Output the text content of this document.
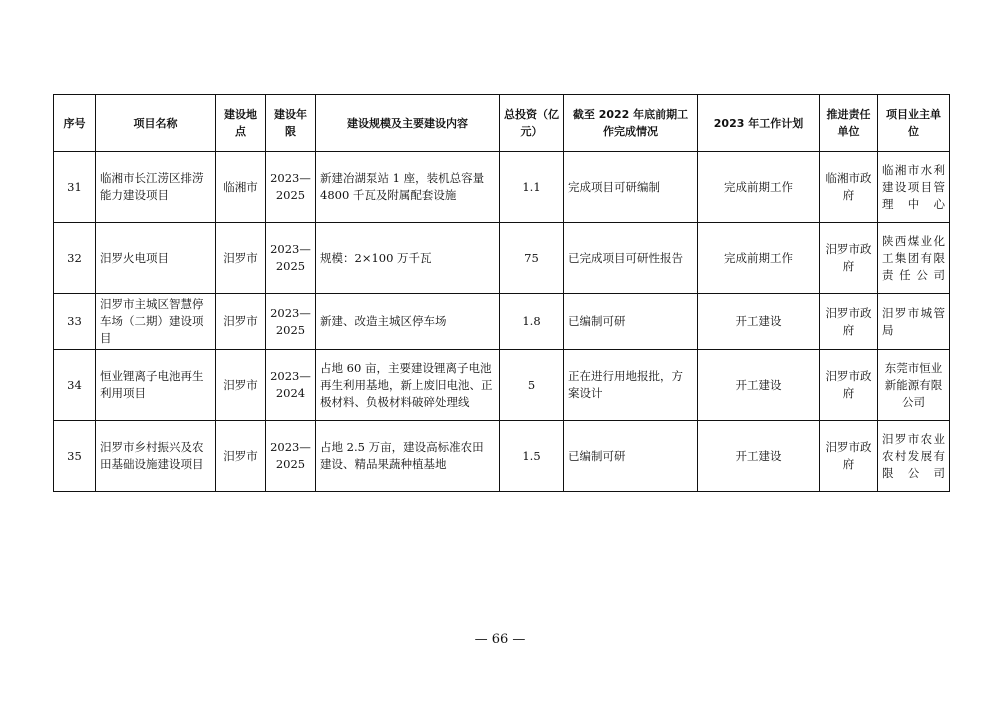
序号	项目名称	建设地点	建设年限	建设规模及主要建设内容	总投资（亿元）	截至 2022 年底前期工作完成情况	2023 年工作计划	推进责任单位	项目业主单位
31	临湘市长江涝区排涝能力建设项目	临湘市	2023—2025	新建冶湖泵站 1 座，装机总容量 4800 千瓦及附属配套设施	1.1	完成项目可研编制	完成前期工作	临湘市政府	临湘市水利建设项目管理中心
32	汨罗火电项目	汨罗市	2023—2025	规模：2×100 万千瓦	75	已完成项目可研性报告	完成前期工作	汨罗市政府	陕西煤业化工集团有限责任公司
33	汨罗市主城区智慧停车场（二期）建设项目	汨罗市	2023—2025	新建、改造主城区停车场	1.8	已编制可研	开工建设	汨罗市政府	汨罗市城管局
34	恒业锂离子电池再生利用项目	汨罗市	2023—2024	占地 60 亩，主要建设锂离子电池再生利用基地，新上废旧电池、正极材料、负极材料破碎处理线	5	正在进行用地报批，方案设计	开工建设	汨罗市政府	东莞市恒业新能源有限公司
35	汨罗市乡村振兴及农田基础设施建设项目	汨罗市	2023—2025	占地 2.5 万亩，建设高标准农田建设、精品果蔬种植基地	1.5	已编制可研	开工建设	汨罗市政府	汨罗市农业农村发展有限公司
— 66 —
